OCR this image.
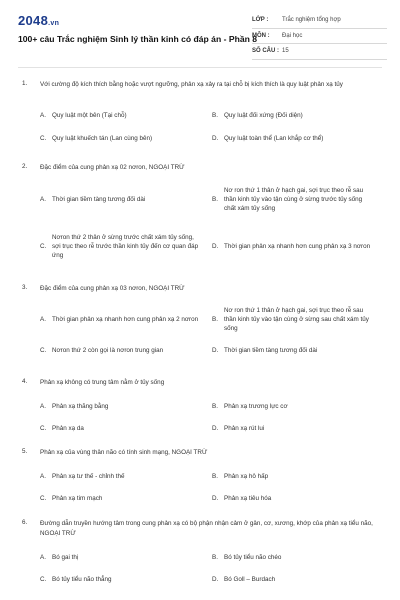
2048.vn
100+ câu Trắc nghiệm Sinh lý thần kinh có đáp án - Phần 8
LỚP :	Trắc nghiệm tổng hợp
MÔN :	Đại học
SỐ CÂU : 15
1. Với cường độ kích thích bằng hoặc vượt ngưỡng, phản xạ xảy ra tại chỗ bị kích thích là quy luật phản xạ tủy
A. Quy luật một bên (Tại chỗ)	B. Quy luật đối xứng (Đối diện)
C. Quy luật khuếch tán (Lan cùng bên)	D. Quy luật toàn thể (Lan khắp cơ thể)
2. Đặc điểm của cung phản xạ 02 nơron, NGOẠI TRỪ
A. Thời gian tiềm tàng tương đối dài	B.
Nơ ron thứ 1 thân ở hạch gai, sợi trục theo rễ sau thần kinh tủy vào tận cùng ở sừng trước tủy sống chất xám tủy sống
C.
Nơron thứ 2 thân ở sừng trước chất xám tủy sống, sợi trục theo rễ trước thần kinh tủy đến cơ quan đáp ứng
D. Thời gian phản xạ nhanh hơn cung phản xạ 3 nơron
3. Đặc điểm của cung phản xạ 03 nơron, NGOẠI TRỪ
A. Thời gian phản xạ nhanh hơn cung phản xạ 2 nơron	B.
Nơ ron thứ 1 thân ở hạch gai, sợi trục theo rễ sau thần kinh tủy vào tận cùng ở sừng sau chất xám tủy sống
C. Nơron thứ 2 còn gọi là nơron trung gian	D. Thời gian tiềm tàng tương đối dài
4. Phản xạ không có trung tâm nằm ở tủy sống
A. Phản xạ thăng bằng	B. Phản xạ trương lực cơ
C. Phản xạ da	D. Phản xạ rút lui
5. Phản xạ của vùng thân não có tính sinh mạng, NGOẠI TRỪ
A. Phản xạ tư thế - chỉnh thế	B. Phản xạ hô hấp
C. Phản xạ tim mạch	D. Phản xạ tiêu hóa
6. Đường dẫn truyền hướng tâm trong cung phản xạ có bộ phận nhận cảm ở gân, cơ, xương, khớp của phản xạ tiểu não, NGOẠI TRỪ
A. Bó gai thị	B. Bó tủy tiểu não chéo
C. Bó tủy tiểu não thẳng	D. Bó Goll – Burdach
